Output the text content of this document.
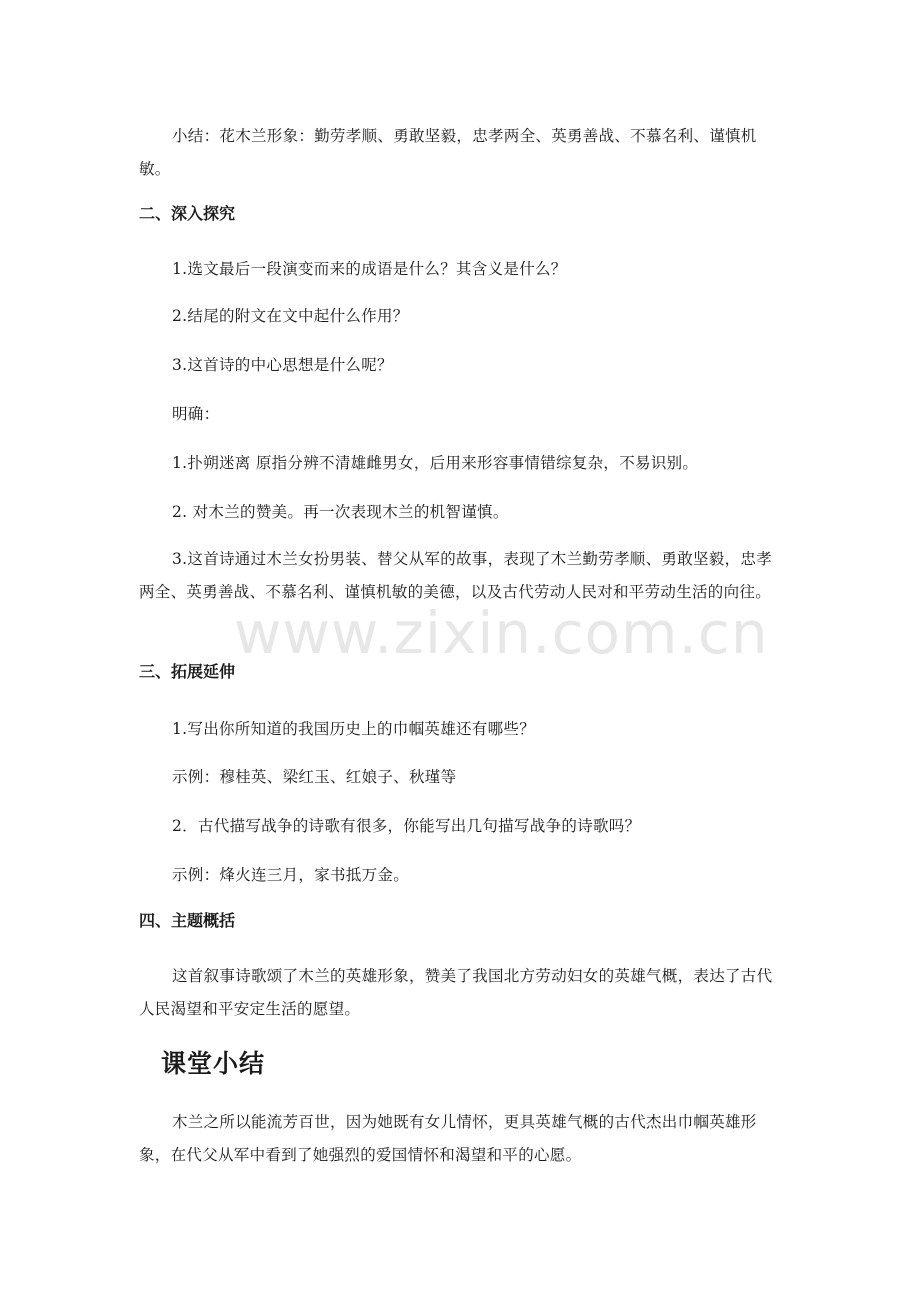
小结：花木兰形象：勤劳孝顺、勇敢坚毅，忠孝两全、英勇善战、不慕名利、谨慎机敏。

二、深入探究

1.选文最后一段演变而来的成语是什么？其含义是什么？

2.结尾的附文在文中起什么作用？

3.这首诗的中心思想是什么呢？

明确：

1.扑朔迷离 原指分辨不清雄雌男女，后用来形容事情错综复杂，不易识别。

2. 对木兰的赞美。再一次表现木兰的机智谨慎。

3.这首诗通过木兰女扮男装、替父从军的故事，表现了木兰勤劳孝顺、勇敢坚毅，忠孝两全、英勇善战、不慕名利、谨慎机敏的美德，以及古代劳动人民对和平劳动生活的向往。

www.zixin.com.cn
三、拓展延伸

1.写出你所知道的我国历史上的巾帼英雄还有哪些？

示例：穆桂英、梁红玉、红娘子、秋瑾等

2．古代描写战争的诗歌有很多，你能写出几句描写战争的诗歌吗？

示例：烽火连三月，家书抵万金。

四、主题概括

这首叙事诗歌颂了木兰的英雄形象，赞美了我国北方劳动妇女的英雄气概，表达了古代人民渴望和平安定生活的愿望。

课堂小结

木兰之所以能流芳百世，因为她既有女儿情怀，更具英雄气概的古代杰出巾帼英雄形象，在代父从军中看到了她强烈的爱国情怀和渴望和平的心愿。
